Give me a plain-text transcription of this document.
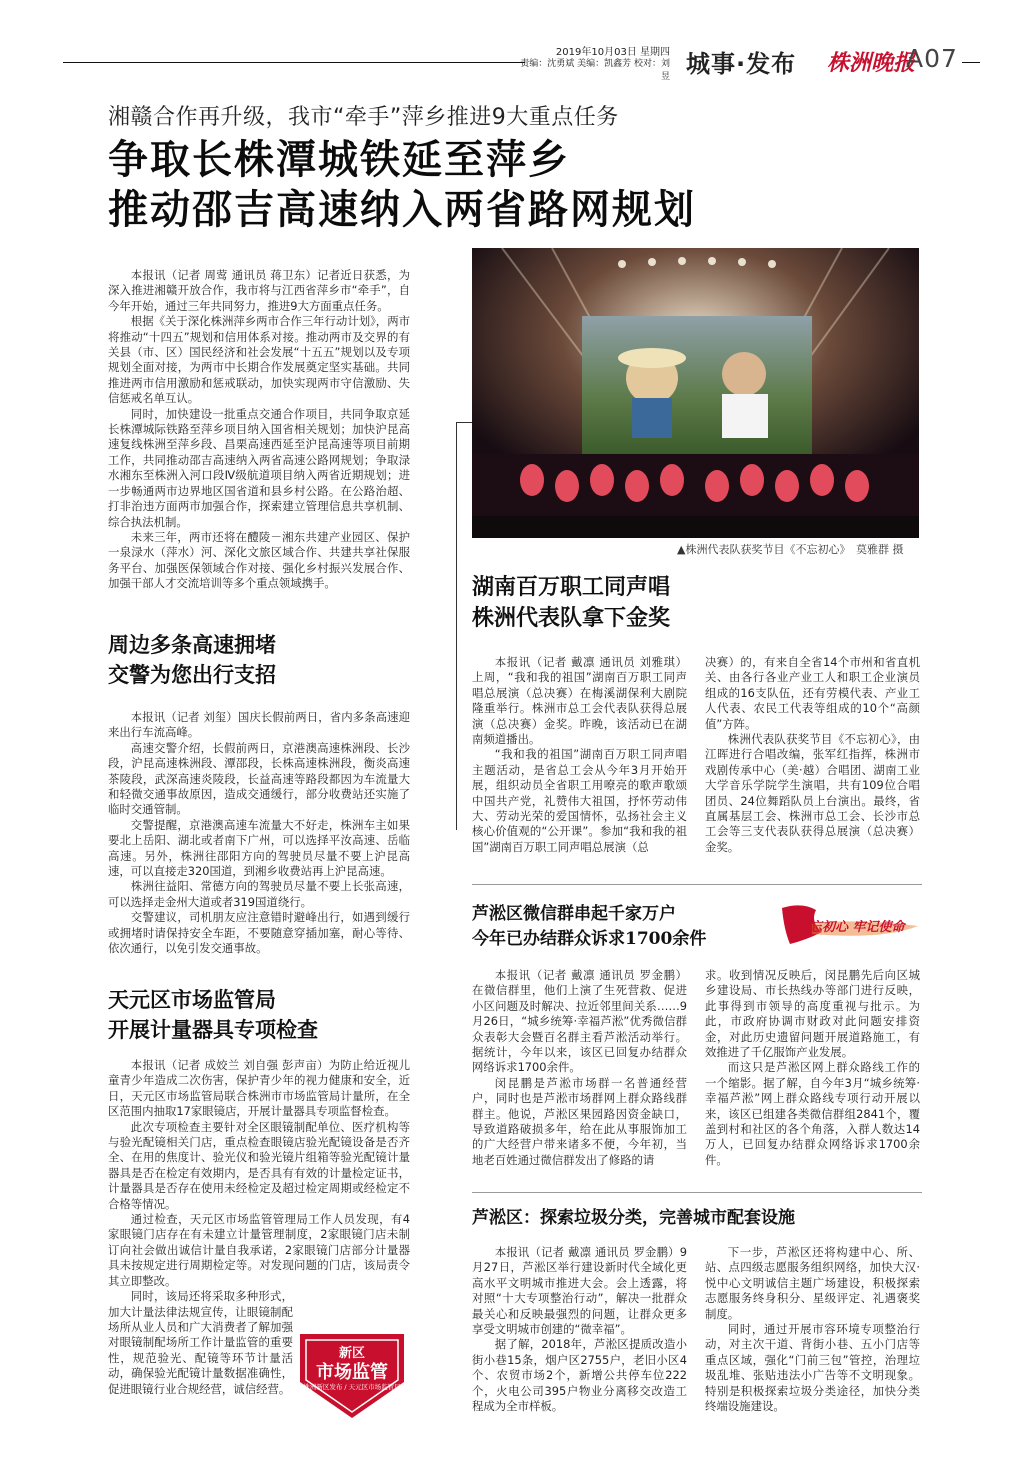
2019年10月03日 星期四
责编：沈勇斌 美编：凯鑫芳 校对：刘昱 城事·发布 株洲晚报
A07
湘赣合作再升级，我市“牵手”萍乡推进9大重点任务
争取长株潭城铁延至萍乡
推动邵吉高速纳入两省路网规划

本报讯（记者 周莺 通讯员 蒋卫东）记者近日获悉，为深入推进湘赣开放合作，我市将与江西省萍乡市“牵手”，自今年开始，通过三年共同努力，推进9大方面重点任务。

根据《关于深化株洲萍乡两市合作三年行动计划》，两市将推动“十四五”规划和信用体系对接。推动两市及交界的有关县（市、区）国民经济和社会发展“十五五”规划以及专项规划全面对接，为两市中长期合作发展奠定坚实基础。共同推进两市信用激励和惩戒联动，加快实现两市守信激励、失信惩戒名单互认。

同时，加快建设一批重点交通合作项目，共同争取京延长株潭城际铁路至萍乡项目纳入国省相关规划；加快沪昆高速复线株洲至萍乡段、昌栗高速西延至沪昆高速等项目前期工作，共同推动邵吉高速纳入两省高速公路网规划；争取渌水湘东至株洲入河口段Ⅳ级航道项目纳入两省近期规划；进一步畅通两市边界地区国省道和县乡村公路。在公路治超、打非治违方面两市加强合作，探索建立管理信息共享机制、综合执法机制。

未来三年，两市还将在醴陵－湘东共建产业园区、保护一泉渌水（萍水）河、深化文旅区域合作、共建共享社保服务平台、加强医保领域合作对接、强化乡村振兴发展合作、加强干部人才交流培训等多个重点领域携手。

▲株洲代表队获奖节目《不忘初心》　莫雅群 摄
湖南百万职工同声唱
株洲代表队拿下金奖

本报讯（记者 戴凛 通讯员 刘雅琪）上周，“我和我的祖国”湖南百万职工同声唱总展演（总决赛）在梅溪湖保利大剧院隆重举行。株洲市总工会代表队获得总展演（总决赛）金奖。昨晚，该活动已在湖南频道播出。

“我和我的祖国”湖南百万职工同声唱主题活动，是省总工会从今年3月开始开展，组织动员全省职工用嘹亮的歌声歌颂中国共产党，礼赞伟大祖国，抒怀劳动伟大、劳动光荣的爱国情怀，弘扬社会主义核心价值观的“公开课”。参加“我和我的祖国”湖南百万职工同声唱总展演（总

决赛）的，有来自全省14个市州和省直机关、由各行各业产业工人和职工企业演员组成的16支队伍，还有劳模代表、产业工人代表、农民工代表等组成的10个“高颜值”方阵。

株洲代表队获奖节目《不忘初心》，由江晖进行合唱改编，张军红指挥，株洲市戏剧传承中心（美·越）合唱团、湖南工业大学音乐学院学生演唱，共有109位合唱团员、24位舞蹈队员上台演出。最终，省直属基层工会、株洲市总工会、长沙市总工会等三支代表队获得总展演（总决赛）金奖。

周边多条高速拥堵
交警为您出行支招

本报讯（记者 刘玺）国庆长假前两日，省内多条高速迎来出行车流高峰。

高速交警介绍，长假前两日，京港澳高速株洲段、长沙段，沪昆高速株洲段、潭邵段，长株高速株洲段，衡炎高速茶陵段，武深高速炎陵段，长益高速等路段都因为车流量大和轻微交通事故原因，造成交通缓行，部分收费站还实施了临时交通管制。

交警提醒，京港澳高速车流量大不好走，株洲车主如果要北上岳阳、湖北或者南下广州，可以选择平汝高速、岳临高速。另外，株洲往邵阳方向的驾驶员尽量不要上沪昆高速，可以直接走320国道，到湘乡收费站再上沪昆高速。

株洲往益阳、常德方向的驾驶员尽量不要上长张高速，可以选择走金州大道或者319国道绕行。

交警建议，司机朋友应注意错时避峰出行，如遇到缓行或拥堵时请保持安全车距，不要随意穿插加塞，耐心等待、依次通行，以免引发交通事故。

天元区市场监管局
开展计量器具专项检查

本报讯（记者 成姣兰 刘自强 彭声亩）为防止给近视儿童青少年造成二次伤害，保护青少年的视力健康和安全，近日，天元区市场监管局联合株洲市市场监管局计量所，在全区范围内抽取17家眼镜店，开展计量器具专项监督检查。

此次专项检查主要针对全区眼镜制配单位、医疗机构等与验光配镜相关门店，重点检查眼镜店验光配镜设备是否齐全、在用的焦度计、验光仪和验光镜片组箱等验光配镜计量器具是否在检定有效期内，是否具有有效的计量检定证书，计量器具是否存在使用未经检定及超过检定周期或经检定不合格等情况。

通过检查，天元区市场监管管理局工作人员发现，有4家眼镜门店存在有未建立计量管理制度，2家眼镜门店未制订向社会做出诚信计量自我承诺，2家眼镜门店部分计量器具未按规定进行周期检定等。对发现问题的门店，该局责令其立即整改。

同时，该局还将采取多种形式，加大计量法律法规宣传，让眼镜制配场所从业人员和广大消费者了解加强对眼镜制配场所工作计量监管的重要性，规范验光、配镜等环节计量活动，确保验光配镜计量数据准确性，促进眼镜行业合规经营，诚信经营。

新区
市场监管
株洲新区发布 / 天元区市场监管局
芦淞区微信群串起千家万户
今年已办结群众诉求1700余件
不忘初心 牢记使命

本报讯（记者 戴凛 通讯员 罗金鹏）在微信群里，他们上演了生死营救、促进小区问题及时解决、拉近邻里间关系……9月26日，“城乡统筹·幸福芦淞”优秀微信群众表彰大会暨百名群主看芦淞活动举行。据统计，今年以来，该区已回复办结群众网络诉求1700余件。

闵昆鹏是芦淞市场群一名普通经营户，同时也是芦淞市场群网上群众路线群群主。他说，芦淞区果园路因资金缺口，导致道路破损多年，给在此从事服饰加工的广大经营户带来诸多不便，今年初，当地老百姓通过微信群发出了修路的请

求。收到情况反映后，闵昆鹏先后向区城乡建设局、市长热线办等部门进行反映，此事得到市领导的高度重视与批示。为此，市政府协调市财政对此问题安排资金，对此历史遗留问题开展道路施工，有效推进了千亿服饰产业发展。

而这只是芦淞区网上群众路线工作的一个缩影。据了解，自今年3月“城乡统筹·幸福芦淞”网上群众路线专项行动开展以来，该区已组建各类微信群组2841个，覆盖到村和社区的各个角落，入群人数达14万人，已回复办结群众网络诉求1700余件。

芦淞区：探索垃圾分类，完善城市配套设施

本报讯（记者 戴凛 通讯员 罗金鹏）9月27日，芦淞区举行建设新时代全域化更高水平文明城市推进大会。会上透露，将对照“十大专项整治行动”，解决一批群众最关心和反映最强烈的问题，让群众更多享受文明城市创建的“微幸福”。

据了解，2018年，芦淞区提质改造小街小巷15条，烟户区2755户，老旧小区4个、农贸市场2个，新增公共停车位222个，火电公司395户物业分离移交改造工程成为全市样板。

下一步，芦淞区还将构建中心、所、站、点四级志愿服务组织网络，加快大汉·悦中心文明诚信主题广场建设，积极探索志愿服务终身积分、星级评定、礼遇褒奖制度。

同时，通过开展市容环境专项整治行动，对主次干道、背街小巷、五小门店等重点区域，强化“门前三包”管控，治理垃圾乱堆、张贴违法小广告等不文明现象。特别是积极探索垃圾分类途径，加快分类终端设施建设。
